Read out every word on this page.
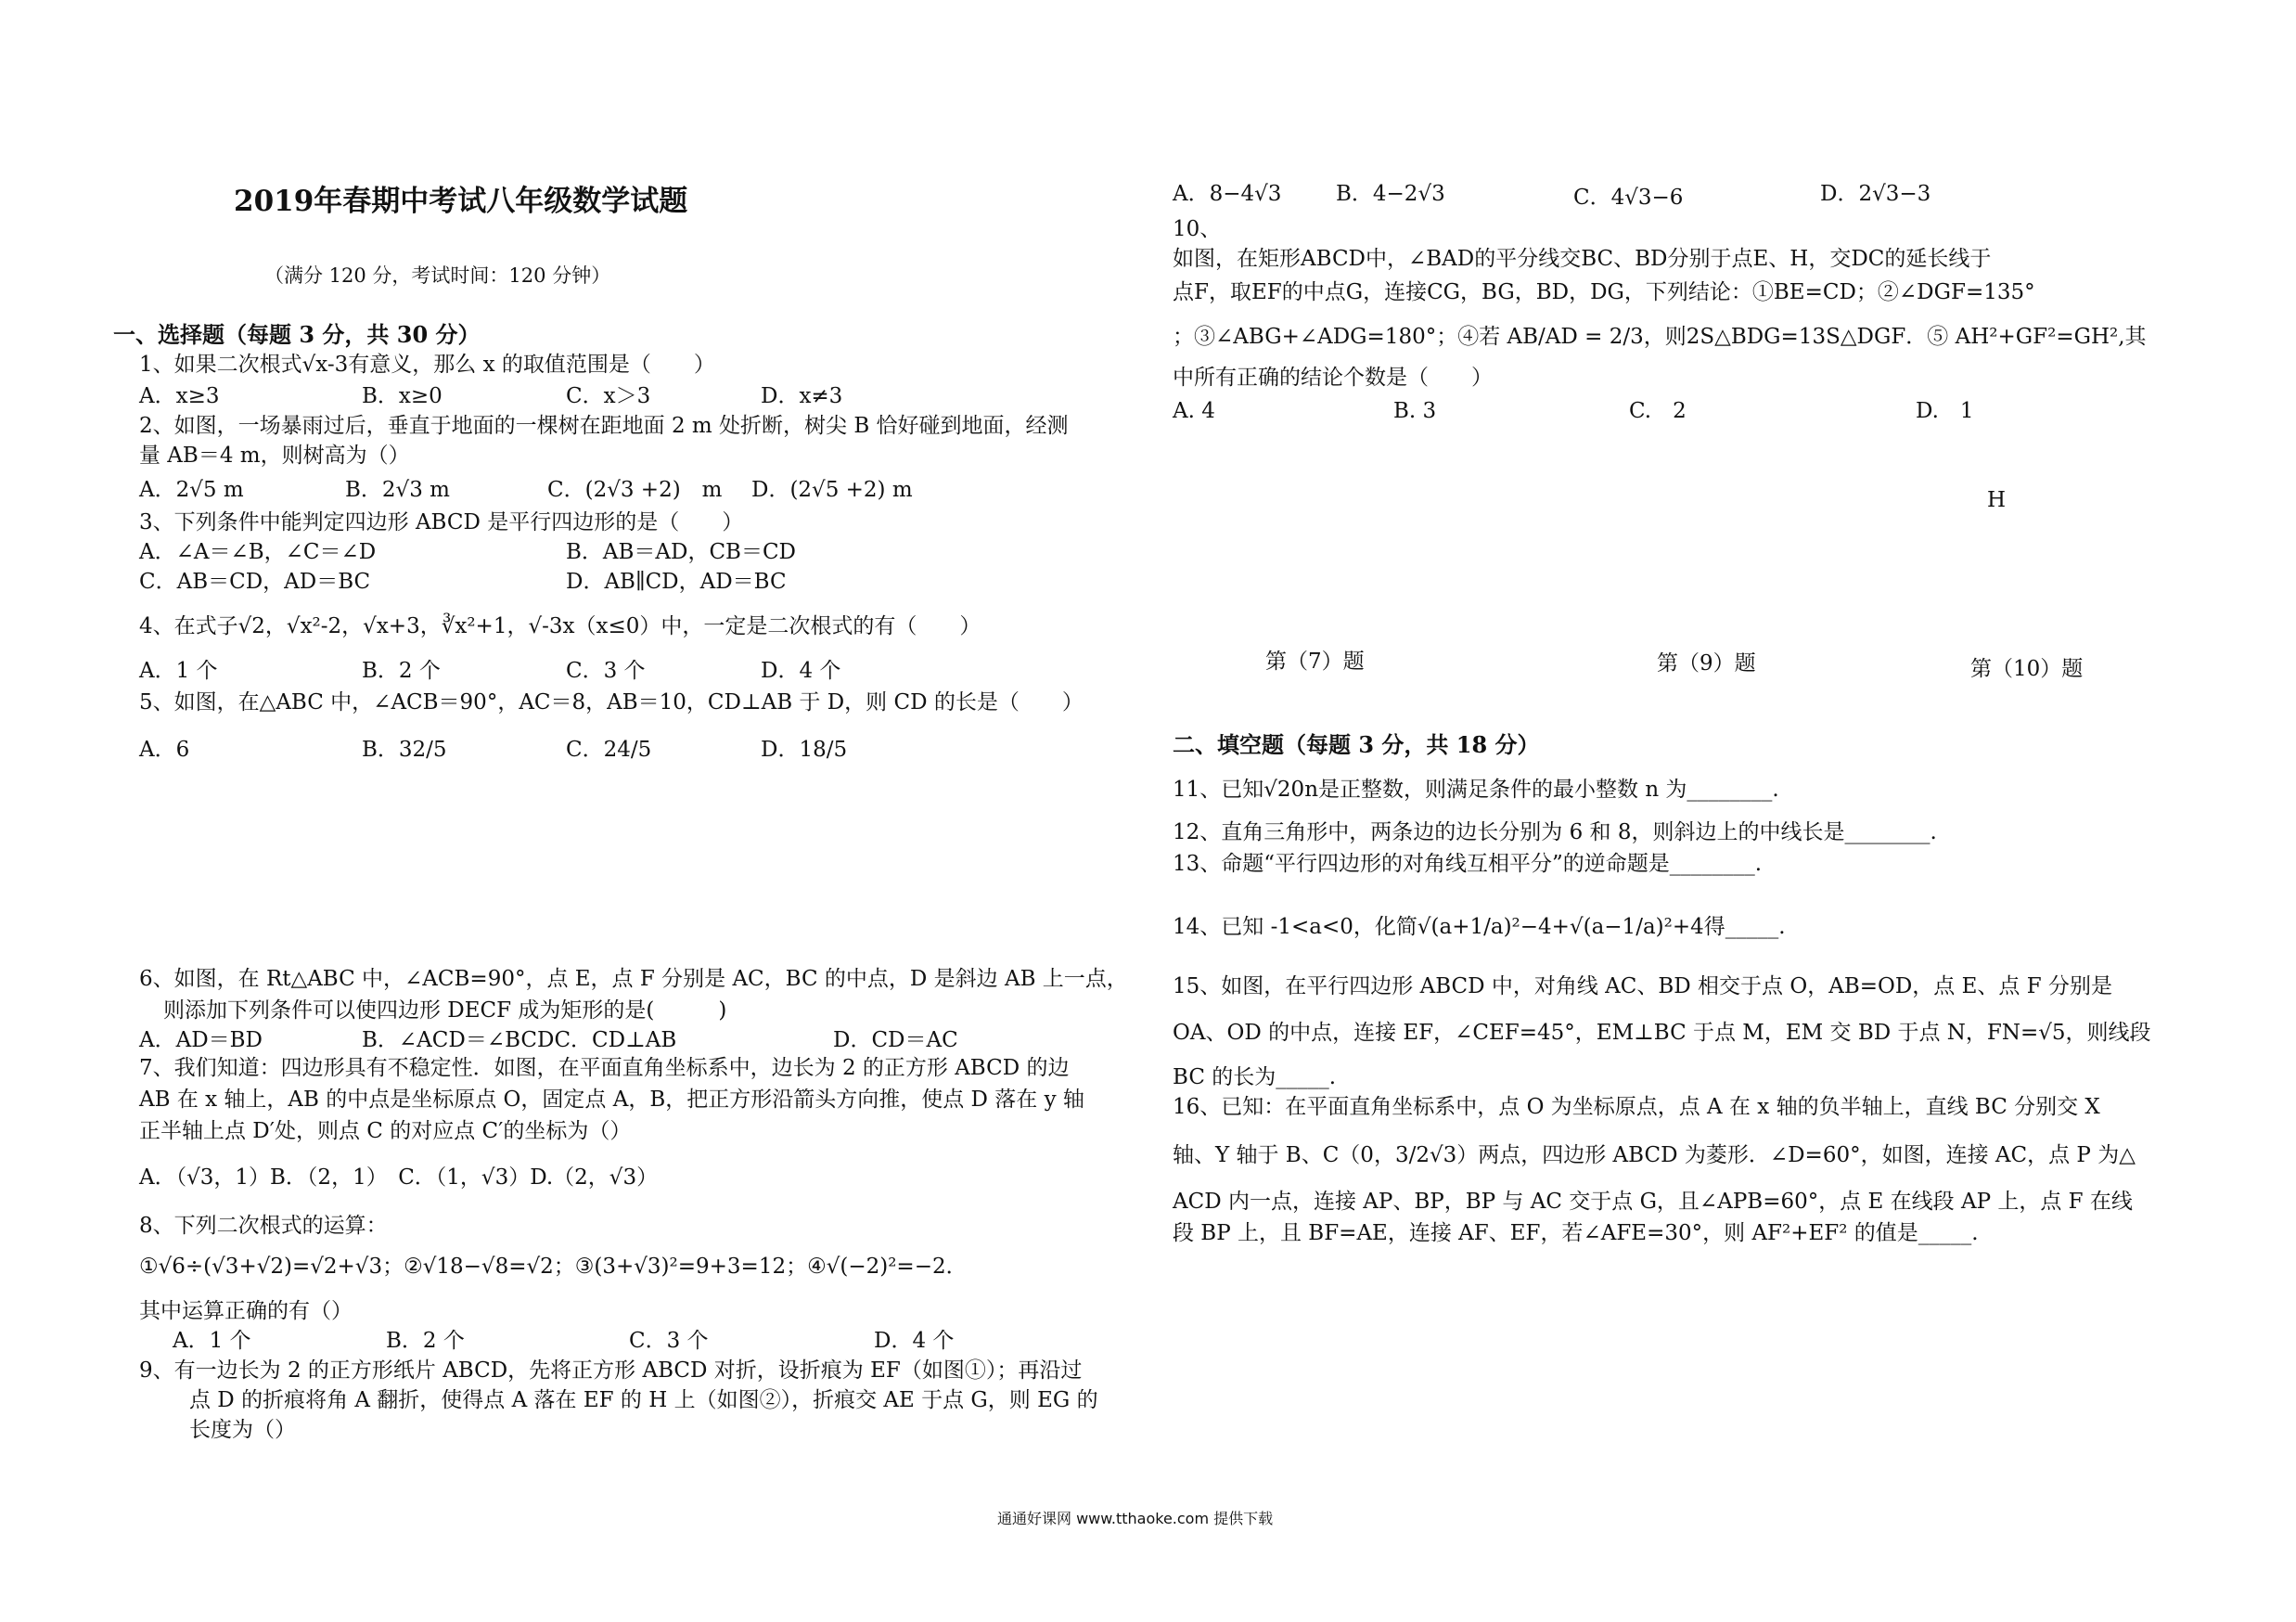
2019年春期中考试八年级数学试题
（满分 120 分，考试时间：120 分钟）
一、选择题（每题 3 分，共 30 分）
1、如果二次根式√x-3有意义，那么 x 的取值范围是（　　）
A．x≥3	B．x≥0	C．x＞3	D．x≠3
2、如图，一场暴雨过后，垂直于地面的一棵树在距地面 2 m 处折断，树尖 B 恰好碰到地面，经测
量 AB＝4 m，则树高为（）
A．2√5 m	B．2√3 m	C．(2√3 +2)　m D．(2√5 +2) m
3、下列条件中能判定四边形 ABCD 是平行四边形的是（　　）
A．∠A＝∠B，∠C＝∠D	B．AB＝AD，CB＝CD
C．AB＝CD，AD＝BC	D．AB∥CD，AD＝BC
4、在式子√2，√x²-2，√x+3，∛x²+1，√-3x（x≤0）中，一定是二次根式的有（　　）
A．1 个	B．2 个	C．3 个	D．4 个
5、如图，在△ABC 中，∠ACB＝90°，AC＝8，AB＝10，CD⊥AB 于 D，则 CD 的长是（　　）
A．6	B．32/5	C．24/5	D．18/5
6、如图，在 Rt△ABC 中，∠ACB=90°，点 E，点 F 分别是 AC，BC 的中点，D 是斜边 AB 上一点，
则添加下列条件可以使四边形 DECF 成为矩形的是(　　　)
A．AD＝BD	B．∠ACD＝∠BCDC．CD⊥AB	D．CD＝AC
7、我们知道：四边形具有不稳定性．如图，在平面直角坐标系中，边长为 2 的正方形 ABCD 的边
AB 在 x 轴上，AB 的中点是坐标原点 O，固定点 A，B，把正方形沿箭头方向推，使点 D 落在 y 轴
正半轴上点 D′处，则点 C 的对应点 C′的坐标为（）
A．（√3，1）B．（2，1）　C．（1，√3）D.（2，√3）
8、下列二次根式的运算：
①√6÷(√3+√2)=√2+√3；②√18−√8=√2；③(3+√3)²=9+3=12；④√(−2)²=−2．
其中运算正确的有（）
A．1 个	B．2 个	C．3 个	D．4 个
9、有一边长为 2 的正方形纸片 ABCD，先将正方形 ABCD 对折，设折痕为 EF（如图①）；再沿过
点 D 的折痕将角 A 翻折，使得点 A 落在 EF 的 H 上（如图②），折痕交 AE 于点 G，则 EG 的
长度为（）
A．8−4√3	B．4−2√3	C．4√3−6	D．2√3−3
10、
如图，在矩形ABCD中，∠BAD的平分线交BC、BD分别于点E、H，交DC的延长线于
点F，取EF的中点G，连接CG，BG，BD，DG，下列结论：①BE=CD；②∠DGF=135°
；③∠ABG+∠ADG=180°；④若 AB/AD = 2/3，则2S△BDG=13S△DGF．⑤ AH²+GF²=GH²,其
中所有正确的结论个数是（　　）
A. 4	B. 3	C.　2	D.　1
H
第（7）题	第（9）题	第（10）题
二、填空题（每题 3 分，共 18 分）
11、已知√20n是正整数，则满足条件的最小整数 n 为________.
12、直角三角形中，两条边的边长分别为 6 和 8，则斜边上的中线长是________.
13、命题“平行四边形的对角线互相平分”的逆命题是________.
14、已知 -1<a<0，化简√(a+1/a)²−4+√(a−1/a)²+4得_____.
15、如图，在平行四边形 ABCD 中，对角线 AC、BD 相交于点 O，AB=OD，点 E、点 F 分别是
OA、OD 的中点，连接 EF，∠CEF=45°，EM⊥BC 于点 M，EM 交 BD 于点 N，FN=√5，则线段
BC 的长为_____.
16、已知：在平面直角坐标系中，点 O 为坐标原点，点 A 在 x 轴的负半轴上，直线 BC 分别交 X
轴、Y 轴于 B、C（0，3/2√3）两点，四边形 ABCD 为菱形．∠D=60°，如图，连接 AC，点 P 为△
ACD 内一点，连接 AP、BP，BP 与 AC 交于点 G，且∠APB=60°，点 E 在线段 AP 上，点 F 在线
段 BP 上，且 BF=AE，连接 AF、EF，若∠AFE=30°，则 AF²+EF² 的值是_____.
通通好课网 www.tthaoke.com 提供下载
